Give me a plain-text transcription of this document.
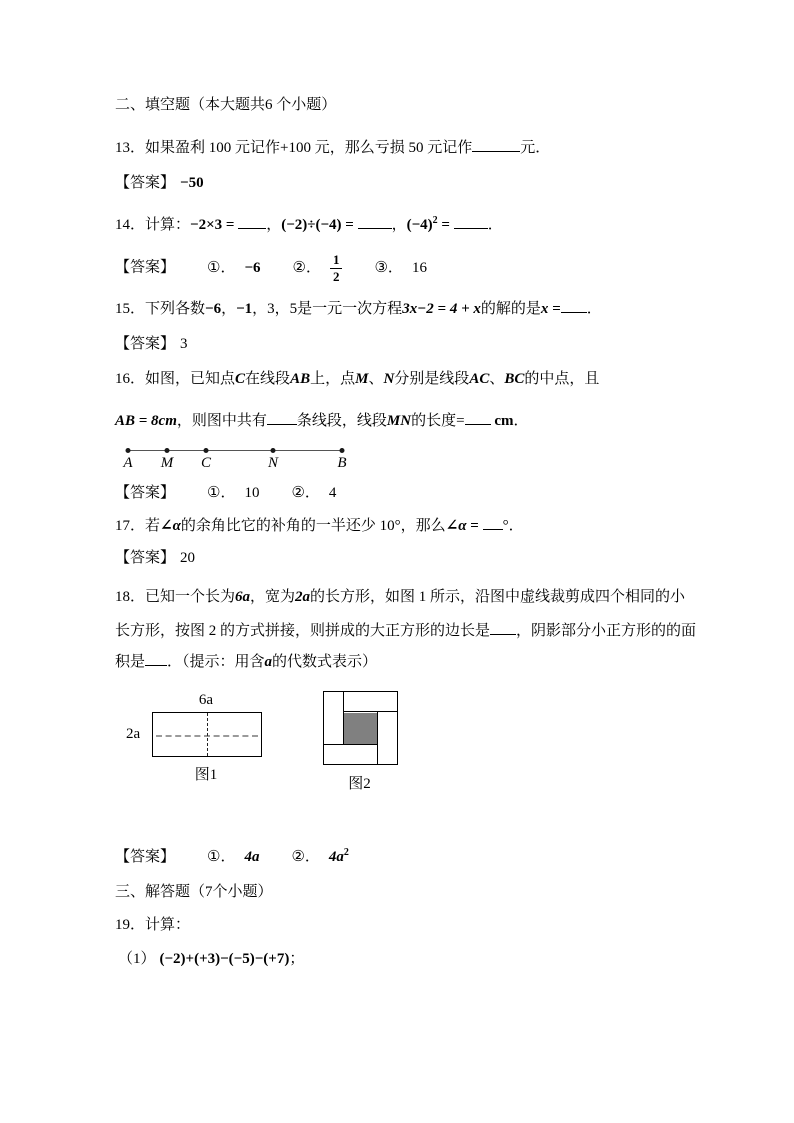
二、填空题（本大题共6 个小题）
13．如果盈利 100 元记作+100 元，那么亏损 50 元记作	元．
【答案】 −50
14．计算：−2×3 = ，(−2)÷(−4) =	，$(-4)^2$ =	．
【答案】 ①． −6 ②． $\frac{1}{2}$ ③． 16
15．下列各数−6，−1，3，5是一元一次方程3x−2 = 4 + x的解的是x = ．
【答案】 3
16．如图，已知点C在线段AB上，点M、N分别是线段AC、BC的中点，且
AB = 8cm，则图中共有 条线段，线段MN的长度= cm．
A M C	N	B
【答案】 ①． 10 ②． 4
17．若∠α的余角比它的补角的一半还少 10°，那么∠α = °．
【答案】 20
18．已知一个长为6a，宽为2a的长方形，如图 1 所示，沿图中虚线裁剪成四个相同的小
长方形，按图 2 的方式拼接，则拼成的大正方形的边长是 ，阴影部分小正方形的的面
积是 ．（提示：用含a的代数式表示）
6a
2a
图1
图2
【答案】 ①． 4a ②． $4a^2$
三、解答题（7个小题）
19．计算：
（1） (−2)+(+3)−(−5)−(+7)；
